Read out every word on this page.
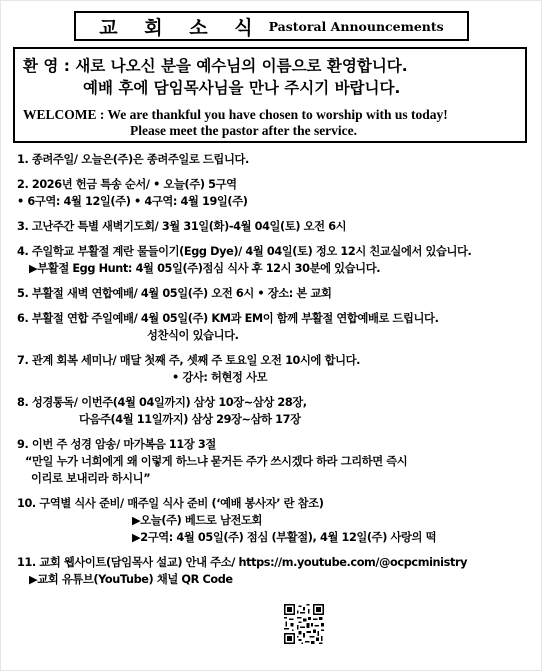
교 회 소 식 Pastoral Announcements
환 영 : 새로 나오신 분을 예수님의 이름으로 환영합니다.
예배 후에 담임목사님을 만나 주시기 바랍니다.
WELCOME : We are thankful you have chosen to worship with us today!
Please meet the pastor after the service.
1. 종려주일/ 오늘은(주)은 종려주일로 드립니다.
2. 2026년 헌금 특송 순서/ • 오늘(주) 5구역
• 6구역: 4월 12일(주) • 4구역: 4월 19일(주)
3. 고난주간 특별 새벽기도회/ 3월 31일(화)-4월 04일(토) 오전 6시
4. 주일학교 부활절 계란 물들이기(Egg Dye)/ 4월 04일(토) 정오 12시 친교실에서 있습니다.
▶부활절 Egg Hunt: 4월 05일(주)점심 식사 후 12시 30분에 있습니다.
5. 부활절 새벽 연합예배/ 4월 05일(주) 오전 6시 • 장소: 본 교회
6. 부활절 연합 주일예배/ 4월 05일(주) KM과 EM이 함께 부활절 연합예배로 드립니다.
성찬식이 있습니다.
7. 관계 회복 세미나/ 매달 첫째 주, 셋째 주 토요일 오전 10시에 합니다.
• 강사: 허현정 사모
8. 성경통독/ 이번주(4월 04일까지) 삼상 10장~삼상 28장,
다음주(4월 11일까지) 삼상 29장~삼하 17장
9. 이번 주 성경 암송/ 마가복음 11장 3절
“만일 누가 너희에게 왜 이렇게 하느냐 묻거든 주가 쓰시겠다 하라 그리하면 즉시
이리로 보내리라 하시니”
10. 구역별 식사 준비/ 매주일 식사 준비 (‘예배 봉사자’ 란 참조)
▶오늘(주) 베드로 남전도회
▶2구역: 4월 05일(주) 점심 (부활절), 4월 12일(주) 사랑의 떡
11. 교회 웹사이트(담임목사 설교) 안내 주소/ https://m.youtube.com/@ocpcministry
▶교회 유튜브(YouTube) 채널 QR Code
